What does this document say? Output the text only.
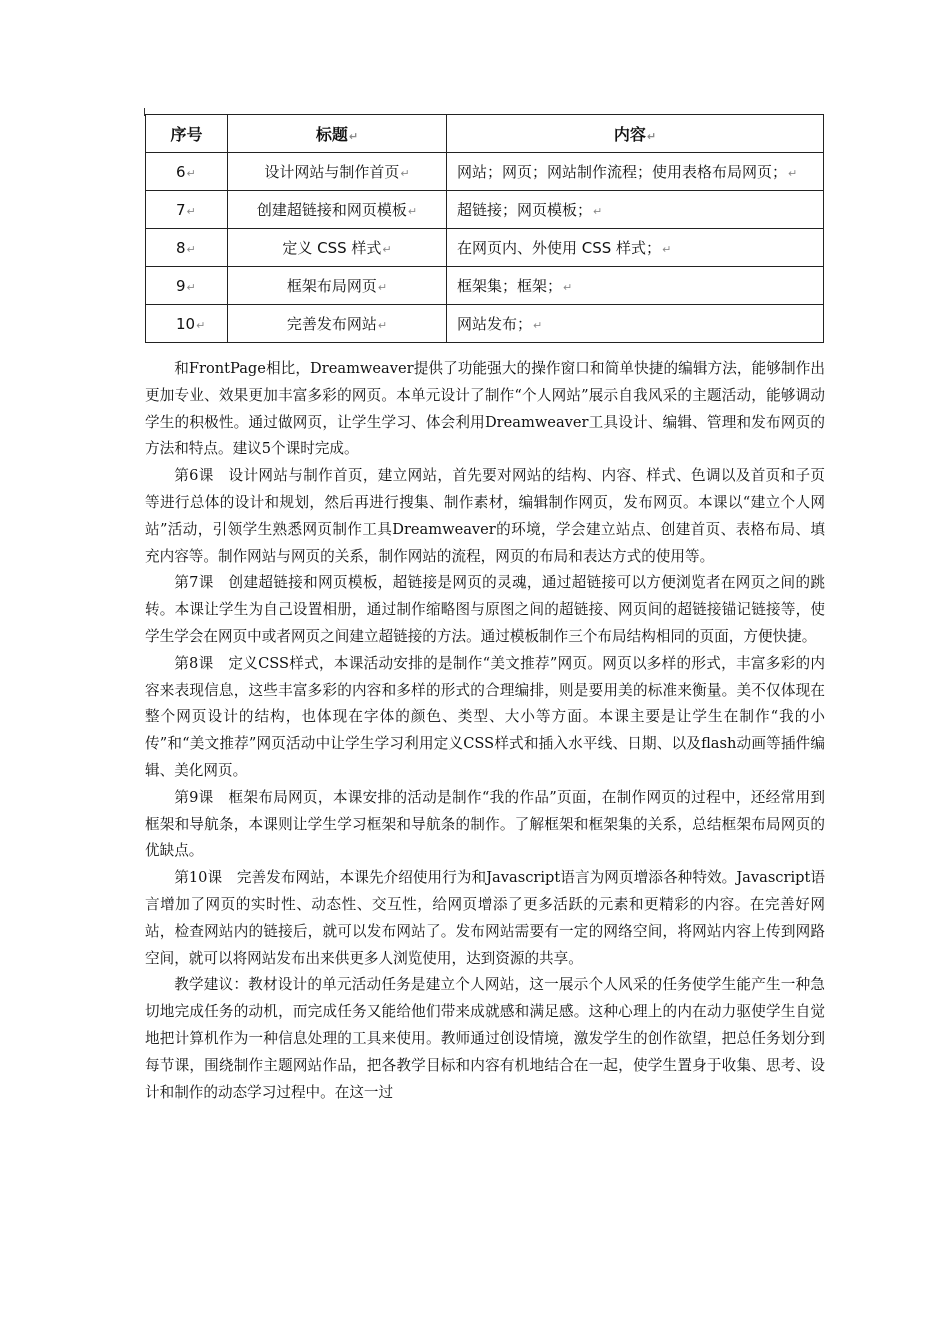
序号	标题↵	内容↵
6↵	设计网站与制作首页↵	网站；网页；网站制作流程；使用表格布局网页；↵
7↵	创建超链接和网页模板↵	超链接；网页模板；↵
8↵	定义 CSS 样式↵	在网页内、外使用 CSS 样式；↵
9↵	框架布局网页↵	框架集；框架；↵
10↵	完善发布网站↵	网站发布；↵

和FrontPage相比，Dreamweaver提供了功能强大的操作窗口和简单快捷的编辑方法，能够制作出更加专业、效果更加丰富多彩的网页。本单元设计了制作“个人网站”展示自我风采的主题活动，能够调动学生的积极性。通过做网页，让学生学习、体会利用Dreamweaver工具设计、编辑、管理和发布网页的方法和特点。建议5个课时完成。

第6课　设计网站与制作首页，建立网站，首先要对网站的结构、内容、样式、色调以及首页和子页等进行总体的设计和规划，然后再进行搜集、制作素材，编辑制作网页，发布网页。本课以“建立个人网站”活动，引领学生熟悉网页制作工具Dreamweaver的环境，学会建立站点、创建首页、表格布局、填充内容等。制作网站与网页的关系，制作网站的流程，网页的布局和表达方式的使用等。

第7课　创建超链接和网页模板，超链接是网页的灵魂，通过超链接可以方便浏览者在网页之间的跳转。本课让学生为自己设置相册，通过制作缩略图与原图之间的超链接、网页间的超链接锚记链接等，使学生学会在网页中或者网页之间建立超链接的方法。通过模板制作三个布局结构相同的页面，方便快捷。

第8课　定义CSS样式，本课活动安排的是制作“美文推荐”网页。网页以多样的形式，丰富多彩的内容来表现信息，这些丰富多彩的内容和多样的形式的合理编排，则是要用美的标准来衡量。美不仅体现在整个网页设计的结构，也体现在字体的颜色、类型、大小等方面。本课主要是让学生在制作“我的小传”和“美文推荐”网页活动中让学生学习利用定义CSS样式和插入水平线、日期、以及flash动画等插件编辑、美化网页。

第9课　框架布局网页，本课安排的活动是制作“我的作品”页面，在制作网页的过程中，还经常用到框架和导航条，本课则让学生学习框架和导航条的制作。了解框架和框架集的关系，总结框架布局网页的优缺点。

第10课　完善发布网站，本课先介绍使用行为和Javascript语言为网页增添各种特效。Javascript语言增加了网页的实时性、动态性、交互性，给网页增添了更多活跃的元素和更精彩的内容。在完善好网站，检查网站内的链接后，就可以发布网站了。发布网站需要有一定的网络空间，将网站内容上传到网路空间，就可以将网站发布出来供更多人浏览使用，达到资源的共享。

教学建议：教材设计的单元活动任务是建立个人网站，这一展示个人风采的任务使学生能产生一种急切地完成任务的动机，而完成任务又能给他们带来成就感和满足感。这种心理上的内在动力驱使学生自觉地把计算机作为一种信息处理的工具来使用。教师通过创设情境，激发学生的创作欲望，把总任务划分到每节课，围绕制作主题网站作品，把各教学目标和内容有机地结合在一起，使学生置身于收集、思考、设计和制作的动态学习过程中。在这一过
